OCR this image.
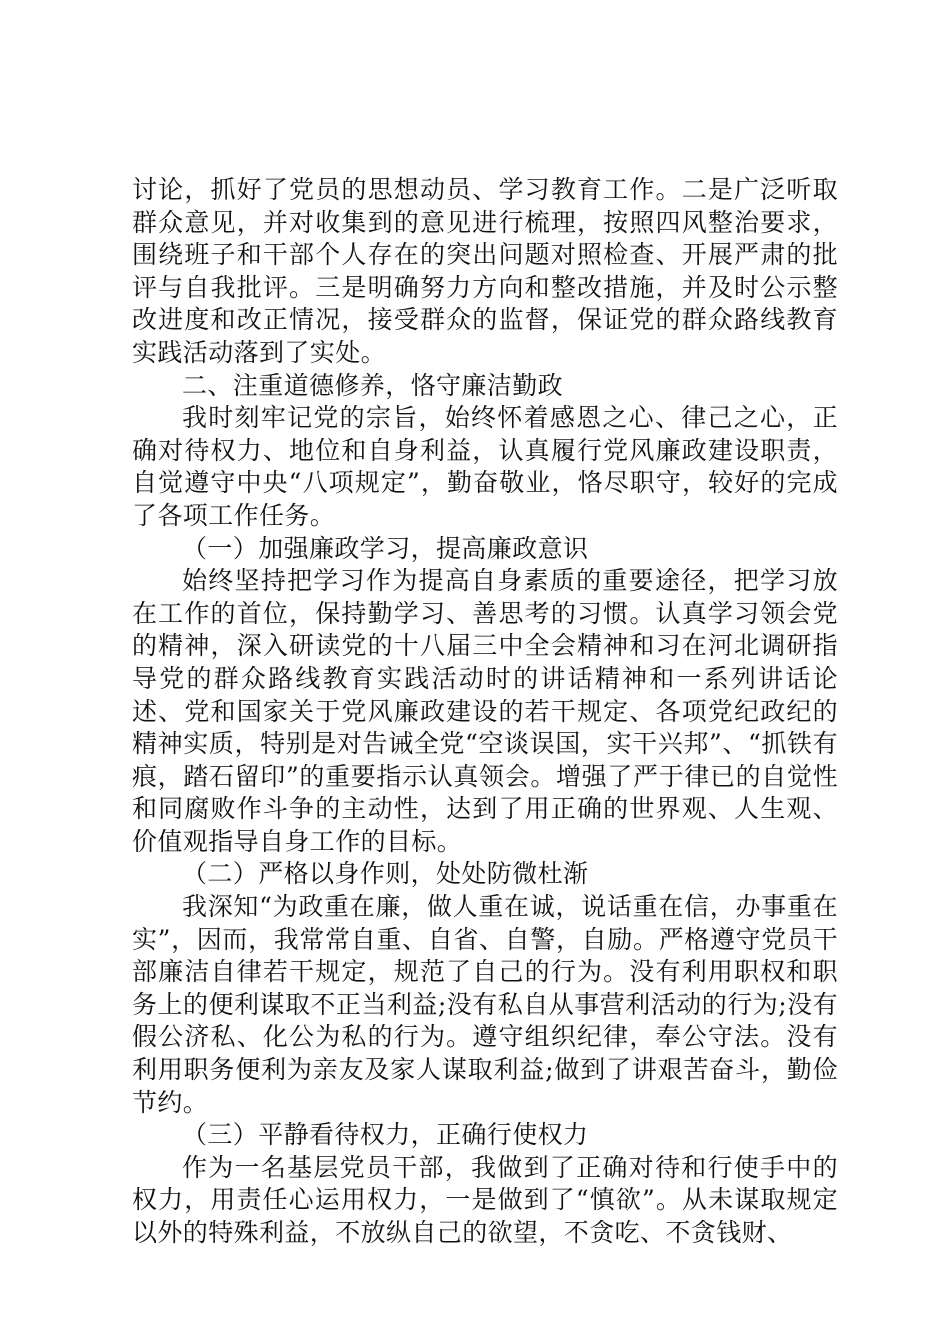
讨论，抓好了党员的思想动员、学习教育工作。二是广泛听取群众意见，并对收集到的意见进行梳理，按照四风整治要求，围绕班子和干部个人存在的突出问题对照检查、开展严肃的批评与自我批评。三是明确努力方向和整改措施，并及时公示整改进度和改正情况，接受群众的监督，保证党的群众路线教育实践活动落到了实处。

二、注重道德修养，恪守廉洁勤政

我时刻牢记党的宗旨，始终怀着感恩之心、律己之心，正确对待权力、地位和自身利益，认真履行党风廉政建设职责，自觉遵守中央“八项规定”，勤奋敬业，恪尽职守，较好的完成了各项工作任务。

（一）加强廉政学习，提高廉政意识

始终坚持把学习作为提高自身素质的重要途径，把学习放在工作的首位，保持勤学习、善思考的习惯。认真学习领会党的精神，深入研读党的十八届三中全会精神和习在河北调研指导党的群众路线教育实践活动时的讲话精神和一系列讲话论述、党和国家关于党风廉政建设的若干规定、各项党纪政纪的精神实质，特别是对告诫全党“空谈误国，实干兴邦”、“抓铁有痕，踏石留印”的重要指示认真领会。增强了严于律已的自觉性和同腐败作斗争的主动性，达到了用正确的世界观、人生观、价值观指导自身工作的目标。

（二）严格以身作则，处处防微杜渐

我深知“为政重在廉，做人重在诚，说话重在信，办事重在实”，因而，我常常自重、自省、自警，自励。严格遵守党员干部廉洁自律若干规定，规范了自己的行为。没有利用职权和职务上的便利谋取不正当利益;没有私自从事营利活动的行为;没有假公济私、化公为私的行为。遵守组织纪律，奉公守法。没有利用职务便利为亲友及家人谋取利益;做到了讲艰苦奋斗，勤俭节约。

（三）平静看待权力，正确行使权力

作为一名基层党员干部，我做到了正确对待和行使手中的权力，用责任心运用权力，一是做到了“慎欲”。从未谋取规定以外的特殊利益，不放纵自己的欲望，不贪吃、不贪钱财、
